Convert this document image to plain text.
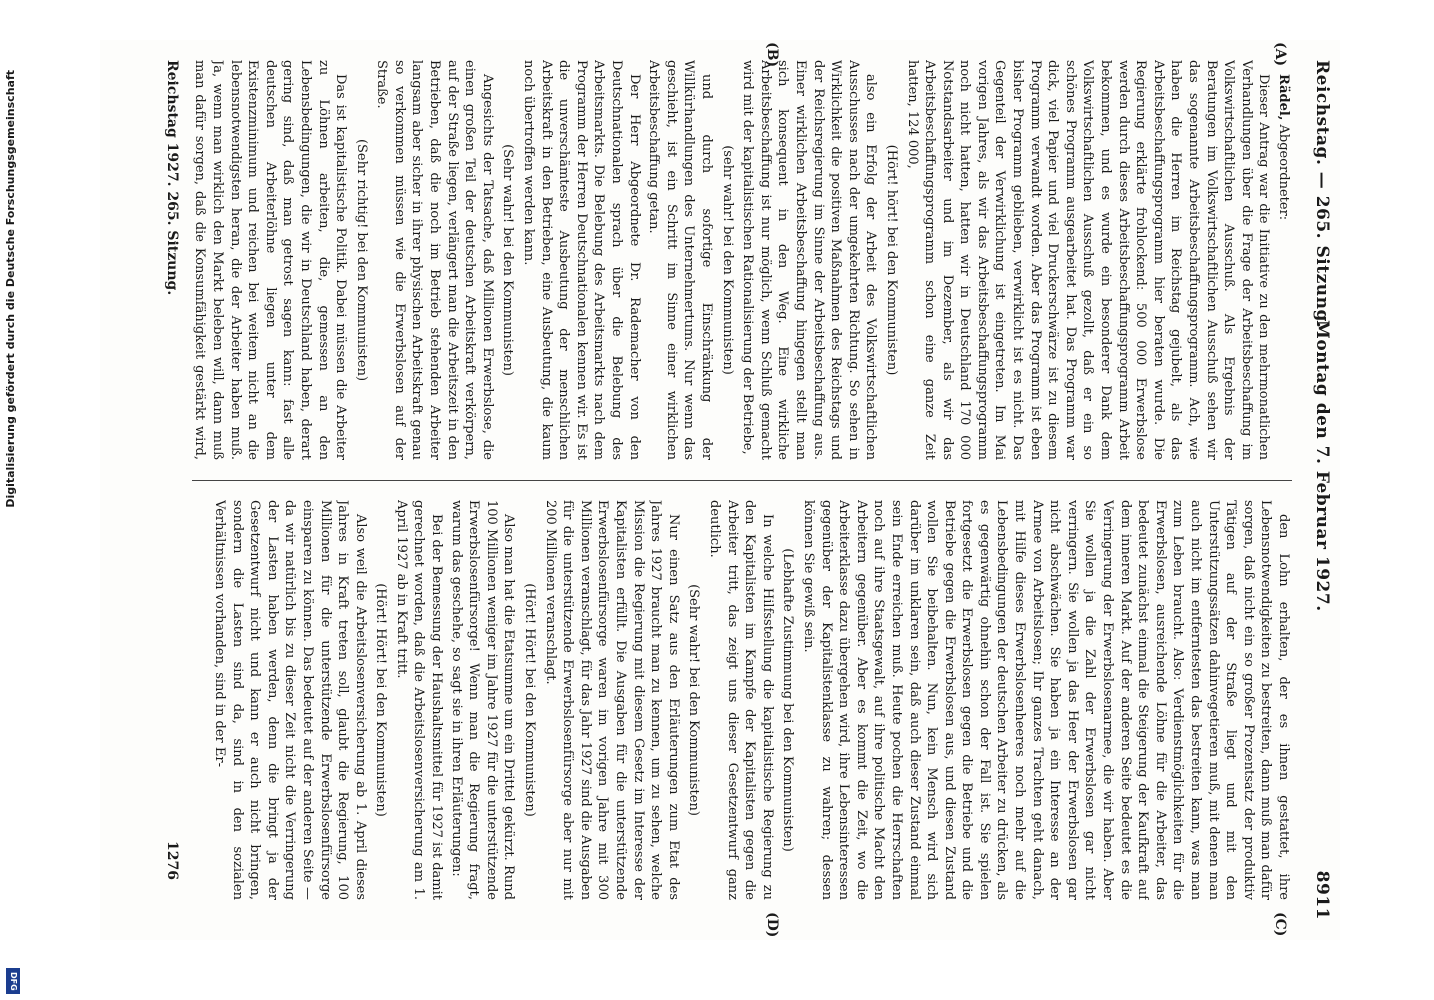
Reichstag. — 265. Sitzung.
Montag den 7. Februar 1927.
8911
(A)
(B)
(C)
(D)

Rädel, Abgeordneter:

Dieser Antrag war die Initiative zu den mehrmonatlichen Verhandlungen über die Frage der Arbeitsbeschaffung im Volkswirtschaftlichen Ausschuß. Als Ergebnis der Beratungen im Volkswirtschaftlichen Ausschuß sehen wir das sogenannte Arbeitsbeschaffungsprogramm. Ach, wie haben die Herren im Reichstag gejubelt, als das Arbeitsbeschaffungsprogramm hier beraten wurde. Die Regierung erklärte frohlockend: 500 000 Erwerbslose werden durch dieses Arbeitsbeschaffungsprogramm Arbeit bekommen, und es wurde ein besonderer Dank dem Volkswirtschaftlichen Ausschuß gezollt, daß er ein so schönes Programm ausgearbeitet hat. Das Programm war dick, viel Papier und viel Druckerschwärze ist zu diesem Programm verwandt worden. Aber das Programm ist eben bisher Programm geblieben, verwirklicht ist es nicht. Das Gegenteil der Verwirklichung ist eingetreten. Im Mai vorigen Jahres, als wir das Arbeitsbeschaffungsprogramm noch nicht hatten, hatten wir in Deutschland 170 000 Notstandsarbeiter und im Dezember, als wir das Arbeitsbeschaffungsprogramm schon eine ganze Zeit hatten, 124 000,

(Hört! hört! bei den Kommunisten)

also ein Erfolg der Arbeit des Volkswirtschaftlichen Ausschusses nach der umgekehrten Richtung. So sehen in Wirklichkeit die positiven Maßnahmen des Reichstags und der Reichsregierung im Sinne der Arbeitsbeschaffung aus. Einer wirklichen Arbeitsbeschaffung hingegen stellt man sich konsequent in den Weg. Eine wirkliche Arbeitsbeschaffung ist nur möglich, wenn Schluß gemacht wird mit der kapitalistischen Rationalisierung der Betriebe,

(sehr wahr! bei den Kommunisten)

und durch sofortige Einschränkung der Willkürhandlungen des Unternehmertums. Nur wenn das geschieht, ist ein Schritt im Sinne einer wirklichen Arbeitsbeschaffung getan.

Der Herr Abgeordnete Dr. Rademacher von den Deutschnationalen sprach über die Belebung des Arbeitsmarkts. Die Belebung des Arbeitsmarkts nach dem Programm der Herren Deutschnationalen kennen wir. Es ist die unverschämteste Ausbeutung der menschlichen Arbeitskraft in den Betrieben, eine Ausbeutung, die kaum noch übertroffen werden kann.

(Sehr wahr! bei den Kommunisten)

Angesichts der Tatsache, daß Millionen Erwerbslose, die einen großen Teil der deutschen Arbeitskraft verkörpern, auf der Straße liegen, verlängert man die Arbeitszeit in den Betrieben, daß die noch im Betrieb stehenden Arbeiter langsam aber sicher in ihrer physischen Arbeitskraft genau so verkommen müssen wie die Erwerbslosen auf der Straße.

(Sehr richtig! bei den Kommunisten)

Das ist kapitalistische Politik. Dabei müssen die Arbeiter zu Löhnen arbeiten, die, gemessen an den Lebensbedingungen, die wir in Deutschland haben, derart gering sind, daß man getrost sagen kann: fast alle deutschen Arbeiterlöhne liegen unter dem Existenzminimum und reichen bei weitem nicht an die lebensnotwendigsten heran, die der Arbeiter haben muß. Ja, wenn man wirklich den Markt beleben will, dann muß man dafür sorgen, daß die Konsumfähigkeit gestärkt wird,

den Lohn erhalten, der es ihnen gestattet, ihre Lebensnotwendigkeiten zu bestreiten, dann muß man dafür sorgen, daß nicht ein so großer Prozentsatz der produktiv Tätigen auf der Straße liegt und mit den Unterstützungssätzen dahinvegetieren muß, mit denen man auch nicht im entferntesten das bestreiten kann, was man zum Leben braucht. Also: Verdienstmöglichkeiten für die Erwerbslosen, ausreichende Löhne für die Arbeiter, das bedeutet zunächst einmal die Steigerung der Kaufkraft auf dem inneren Markt. Auf der anderen Seite bedeutet es die Verringerung der Erwerbslosenarmee, die wir haben. Aber Sie wollen ja die Zahl der Erwerbslosen gar nicht verringern. Sie wollen ja das Heer der Erwerbslosen gar nicht abschwächen. Sie haben ja ein Interesse an der Armee von Arbeitslosen; Ihr ganzes Trachten geht danach, mit Hilfe dieses Erwerbslosenheeres noch mehr auf die Lebensbedingungen der deutschen Arbeiter zu drücken, als es gegenwärtig ohnehin schon der Fall ist. Sie spielen fortgesetzt die Erwerbslosen gegen die Betriebe und die Betriebe gegen die Erwerbslosen aus, und diesen Zustand wollen Sie beibehalten. Nun, kein Mensch wird sich darüber im unklaren sein, daß auch dieser Zustand einmal sein Ende erreichen muß. Heute pochen die Herrschaften noch auf ihre Staatsgewalt, auf ihre politische Macht den Arbeitern gegenüber. Aber es kommt die Zeit, wo die Arbeiterklasse dazu übergehen wird, ihre Lebensinteressen gegenüber der Kapitalistenklasse zu wahren; dessen können Sie gewiß sein.

(Lebhafte Zustimmung bei den Kommunisten)

In welche Hilfsstellung die kapitalistische Regierung zu den Kapitalisten im Kampfe der Kapitalisten gegen die Arbeiter tritt, das zeigt uns dieser Gesetzentwurf ganz deutlich.

(Sehr wahr! bei den Kommunisten)

Nur einen Satz aus den Erläuterungen zum Etat des Jahres 1927 braucht man zu kennen, um zu sehen, welche Mission die Regierung mit diesem Gesetz im Interesse der Kapitalisten erfüllt. Die Ausgaben für die unterstützende Erwerbslosenfürsorge waren im vorigen Jahre mit 300 Millionen veranschlagt, für das Jahr 1927 sind die Ausgaben für die unterstützende Erwerbslosenfürsorge aber nur mit 200 Millionen veranschlagt.

(Hört! Hört! bei den Kommunisten)

Also man hat die Etatsumme um ein Drittel gekürzt. Rund 100 Millionen weniger im Jahre 1927 für die unterstützende Erwerbslosenfürsorge! Wenn man die Regierung fragt, warum das geschehe, so sagt sie in ihren Erläuterungen:

Bei der Bemessung der Haushaltsmittel für 1927 ist damit gerechnet worden, daß die Arbeitslosenversicherung am 1. April 1927 ab in Kraft tritt.

(Hört! Hört! bei den Kommunisten)

Also weil die Arbeitslosenversicherung ab 1. April dieses Jahres in Kraft treten soll, glaubt die Regierung, 100 Millionen für die unterstützende Erwerbslosenfürsorge einsparen zu können. Das bedeutet auf der anderen Seite — da wir natürlich bis zu dieser Zeit nicht die Verringerung der Lasten haben werden, denn die bringt ja der Gesetzentwurf nicht und kann er auch nicht bringen, sondern die Lasten sind da, sind in den sozialen Verhältnissen vorhanden, sind in der Er-

Reichstag 1927. 265. Sitzung.
1276
Digitalisierung gefördert durch die Deutsche Forschungsgemeinschaft
DFG
